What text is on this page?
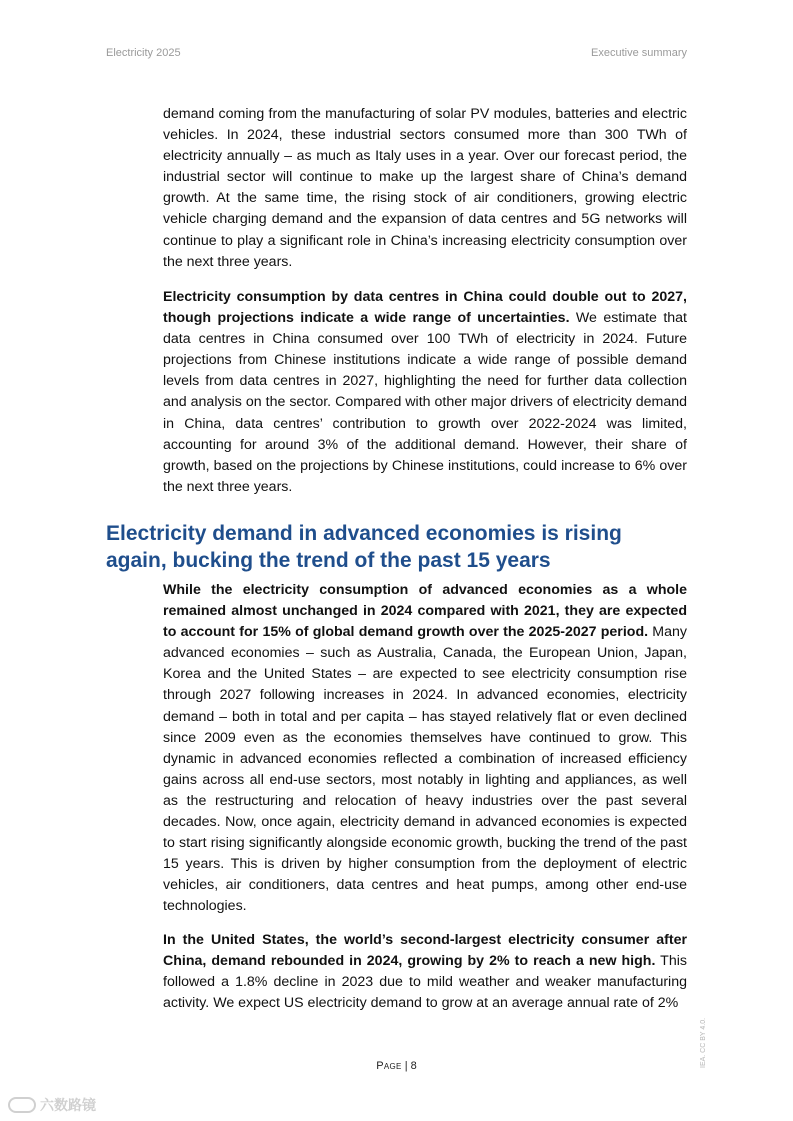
Electricity 2025	Executive summary

demand coming from the manufacturing of solar PV modules, batteries and electric vehicles. In 2024, these industrial sectors consumed more than 300 TWh of electricity annually – as much as Italy uses in a year. Over our forecast period, the industrial sector will continue to make up the largest share of China’s demand growth. At the same time, the rising stock of air conditioners, growing electric vehicle charging demand and the expansion of data centres and 5G networks will continue to play a significant role in China’s increasing electricity consumption over the next three years.

Electricity consumption by data centres in China could double out to 2027, though projections indicate a wide range of uncertainties. We estimate that data centres in China consumed over 100 TWh of electricity in 2024. Future projections from Chinese institutions indicate a wide range of possible demand levels from data centres in 2027, highlighting the need for further data collection and analysis on the sector. Compared with other major drivers of electricity demand in China, data centres’ contribution to growth over 2022-2024 was limited, accounting for around 3% of the additional demand. However, their share of growth, based on the projections by Chinese institutions, could increase to 6% over the next three years.

Electricity demand in advanced economies is rising again, bucking the trend of the past 15 years

While the electricity consumption of advanced economies as a whole remained almost unchanged in 2024 compared with 2021, they are expected to account for 15% of global demand growth over the 2025-2027 period. Many advanced economies – such as Australia, Canada, the European Union, Japan, Korea and the United States – are expected to see electricity consumption rise through 2027 following increases in 2024. In advanced economies, electricity demand – both in total and per capita – has stayed relatively flat or even declined since 2009 even as the economies themselves have continued to grow. This dynamic in advanced economies reflected a combination of increased efficiency gains across all end-use sectors, most notably in lighting and appliances, as well as the restructuring and relocation of heavy industries over the past several decades. Now, once again, electricity demand in advanced economies is expected to start rising significantly alongside economic growth, bucking the trend of the past 15 years. This is driven by higher consumption from the deployment of electric vehicles, air conditioners, data centres and heat pumps, among other end-use technologies.

In the United States, the world’s second-largest electricity consumer after China, demand rebounded in 2024, growing by 2% to reach a new high. This followed a 1.8% decline in 2023 due to mild weather and weaker manufacturing activity. We expect US electricity demand to grow at an average annual rate of 2%

Page | 8	IEA. CC BY 4.0.
六数路镜
